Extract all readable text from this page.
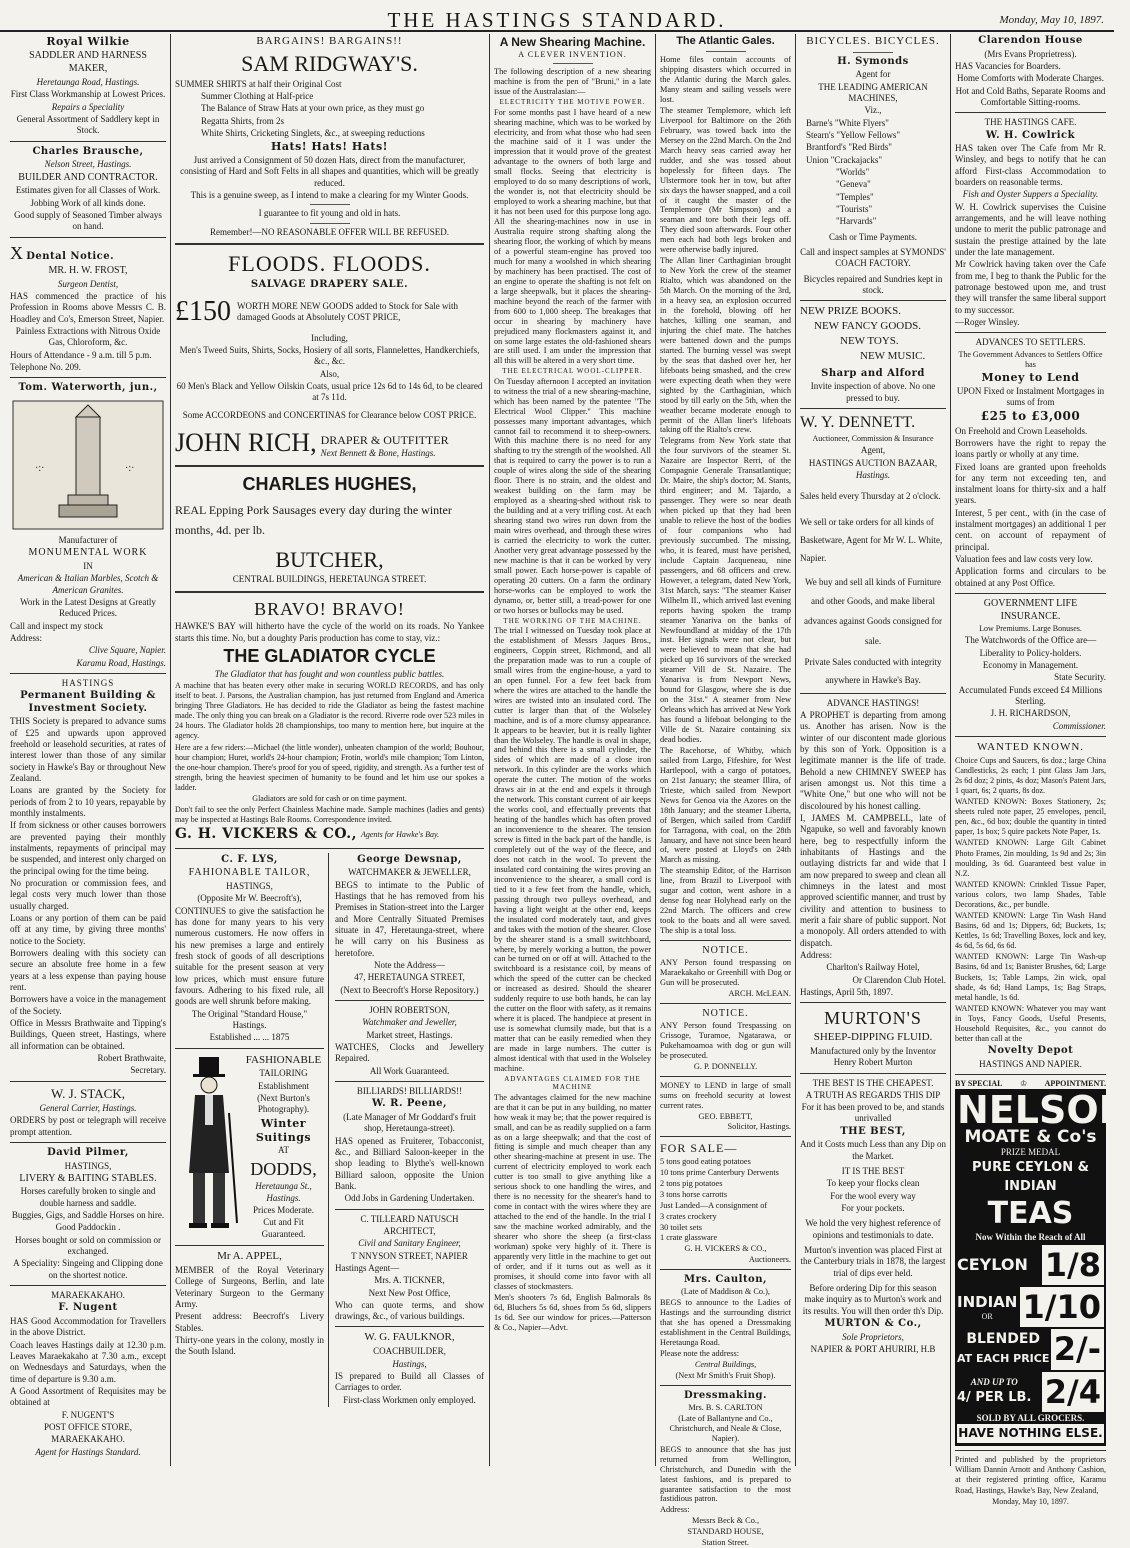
THE HASTINGS STANDARD.	Monday, May 10, 1897.

Royal Wilkie

SADDLER AND HARNESS

MAKER,

Heretaunga Road, Hastings.

First Class Workmanship at Lowest Prices.

Repairs a Speciality

General Assortment of Saddlery kept in Stock.

Charles Brausche,

Nelson Street, Hastings.

BUILDER AND CONTRACTOR.

Estimates given for all Classes of Work.

Jobbing Work of all kinds done.

Good supply of Seasoned Timber always on hand.

X Dental Notice.

MR. H. W. FROST,

Surgeon Dentist,

HAS commenced the practice of his Profession in Rooms above Messrs C. B. Hoadley and Co's, Emerson Street, Napier.

Painless Extractions with Nitrous Oxide Gas, Chloroform, &c.

Hours of Attendance - 9 a.m. till 5 p.m.

Telephone No. 209.

Tom. Waterworth, jun.,

·:·	·:·

Manufacturer of

MONUMENTAL WORK

IN

American & Italian Marbles, Scotch & American Granites.

Work in the Latest Designs at Greatly Reduced Prices.

Call and inspect my stock

Address:

Clive Square, Napier.

Karamu Road, Hastings.

HASTINGS

Permanent Building & Investment Society.

THIS Society is prepared to advance sums of £25 and upwards upon approved freehold or leasehold securities, at rates of interest lower than those of any similar society in Hawke's Bay or throughout New Zealand.

Loans are granted by the Society for periods of from 2 to 10 years, repayable by monthly instalments.

If from sickness or other causes borrowers are prevented paying their monthly instalments, repayments of principal may be suspended, and interest only charged on the principal owing for the time being.

No procuration or commission fees, and legal costs very much lower than those usually charged.

Loans or any portion of them can be paid off at any time, by giving three months' notice to the Society.

Borrowers dealing with this society can secure an absolute free home in a few years at a less expense than paying house rent.

Borrowers have a voice in the management of the Society.

Office in Messrs Brathwaite and Tipping's Buildings, Queen street, Hastings, where all information can be obtained.

Robert Brathwaite,

Secretary.

W. J. STACK,

General Carrier, Hastings.

ORDERS by post or telegraph will receive prompt attention.

David Pilmer,

HASTINGS,

LIVERY & BAITING STABLES.

Horses carefully broken to single and double harness and saddle.

Buggies, Gigs, and Saddle Horses on hire.

Good Paddockin .

Horses bought or sold on commission or exchanged.

A Speciality: Singeing and Clipping done on the shortest notice.

MARAEKAKAHO.

F. Nugent

HAS Good Accommodation for Travellers in the above District.

Coach leaves Hastings daily at 12.30 p.m. Leaves Maraekakaho at 7.30 a.m., except on Wednesdays and Saturdays, when the time of departure is 9.30 a.m.

A Good Assortment of Requisites may be obtained at

F. NUGENT'S

POST OFFICE STORE,

MARAEKAKAHO.

Agent for Hastings Standard.

BARGAINS! BARGAINS!!

SAM RIDGWAY'S.

SUMMER SHIRTS at half their Original Cost

Summer Clothing at Half-price

The Balance of Straw Hats at your own price, as they must go

Regatta Shirts, from 2s

White Shirts, Cricketing Singlets, &c., at sweeping reductions

Hats! Hats! Hats!

Just arrived a Consignment of 50 dozen Hats, direct from the manufacturer, consisting of Hard and Soft Felts in all shapes and quantities, which will be greatly reduced.

This is a genuine sweep, as I intend to make a clearing for my Winter Goods.

I guarantee to fit young and old in hats.

Remember!—NO REASONABLE OFFER WILL BE REFUSED.

FLOODS. FLOODS.

SALVAGE DRAPERY SALE.

£150 WORTH MORE NEW GOODS added to Stock for Sale with damaged Goods at Absolutely COST PRICE,

Including,

Men's Tweed Suits, Shirts, Socks, Hosiery of all sorts, Flannelettes, Handkerchiefs, &c., &c.

Also,

60 Men's Black and Yellow Oilskin Coats, usual price 12s 6d to 14s 6d, to be cleared at 7s 11d.

Some ACCORDEONS and CONCERTINAS for Clearance below COST PRICE.

JOHN RICH, DRAPER & OUTFITTER
Next Bennett & Bone, Hastings.

CHARLES HUGHES,

REAL Epping Pork Sausages every day during the winter months, 4d. per lb.

BUTCHER,

CENTRAL BUILDINGS, HERETAUNGA STREET.

BRAVO! BRAVO!

HAWKE'S BAY will hitherto have the cycle of the world on its roads. No Yankee starts this time. No, but a doughty Paris production has come to stay, viz.:

THE GLADIATOR CYCLE

The Gladiator that has fought and won countless public battles.

A machine that has beaten every other make in securing WORLD RECORDS, and has only itself to beat. J. Parsons, the Australian champion, has just returned from England and America bringing Three Gladiators. He has decided to ride the Gladiator as being the fastest machine made. The only thing you can break on a Gladiator is the record. Riverre rode over 523 miles in 24 hours. The Gladiator holds 28 championships, too many to mention here, but inquire at the agency.

Here are a few riders:—Michael (the little wonder), unbeaten champion of the world; Bouhour, hour champion; Huret, world's 24-hour champion; Frotin, world's mile champion; Tom Linton, the one-hour champion. There's proof for you of speed, rigidity, and strength. As a further test of strength, bring the heaviest specimen of humanity to be found and let him use our spokes a ladder.

Gladiators are sold for cash or on time payment.

Don't fail to see the only Perfect Chainless Machine made. Sample machines (ladies and gents) may be inspected at Hastings Bale Rooms. Correspondence invited.

G. H. VICKERS & CO., Agents for Hawke's Bay.

C. F. LYS,

FAHIONABLE TAILOR,

HASTINGS,

(Opposite Mr W. Beecroft's),

CONTINUES to give the satisfaction he has done for many years to his very numerous customers. He now offers in his new premises a large and entirely fresh stock of goods of all descriptions suitable for the present season at very low prices, which must ensure future favours. Adhering to his fixed rule, all goods are well shrunk before making.

The Original "Standard House," Hastings.

Established ... ... 1875

FASHIONABLE

TAILORING

Establishment

(Next Burton's Photography).

Winter Suitings

AT

DODDS,

Heretaunga St., Hastings.

Prices Moderate.

Cut and Fit Guaranteed.

Mr A. APPEL,

MEMBER of the Royal Veterinary College of Surgeons, Berlin, and late Veterinary Surgeon to the Germany Army.

Present address: Beecroft's Livery Stables.

Thirty-one years in the colony, mostly in the South Island.

George Dewsnap,

WATCHMAKER & JEWELLER,

BEGS to intimate to the Public of Hastings that he has removed from his Premises in Station-street into the Larger and More Centrally Situated Premises situate in 47, Heretaunga-street, where he will carry on his Business as heretofore.

Note the Address—

47, HERETAUNGA STREET,

(Next to Beecroft's Horse Repository.)

JOHN ROBERTSON,

Watchmaker and Jeweller,

Market street, Hastings.

WATCHES, Clocks and Jewellery Repaired.

All Work Guaranteed.

BILLIARDS! BILLIARDS!!

W. R. Peene,

(Late Manager of Mr Goddard's fruit shop, Heretaunga-street).

HAS opened as Fruiterer, Tobacconist, &c., and Billiard Saloon-keeper in the shop leading to Blythe's well-known Billiard saloon, opposite the Union Bank.

Odd Jobs in Gardening Undertaken.

C. TILLEARD NATUSCH

ARCHITECT,

Civil and Sanitary Engineer,

T NNYSON STREET, NAPIER

Hastings Agent—

Mrs. A. TICKNER,

Next New Post Office,

Who can quote terms, and show drawings, &c., of various buildings.

W. G. FAULKNOR,

COACHBUILDER,

Hastings,

IS prepared to Build all Classes of Carriages to order.

First-class Workmen only employed.

A New Shearing Machine.

A CLEVER INVENTION.

The following description of a new shearing machine is from the pen of "Bruni," in a late issue of the Australasian:—

ELECTRICITY THE MOTIVE POWER.

For some months past I have heard of a new shearing machine, which was to be worked by electricity, and from what those who had seen the machine said of it I was under the impression that it would prove of the greatest advantage to the owners of both large and small flocks. Seeing that electricity is employed to do so many descriptions of work, the wonder is, not that electricity should be employed to work a shearing machine, but that it has not been used for this purpose long ago. All the shearing-machines now in use in Australia require strong shafting along the shearing floor, the working of which by means of a powerful steam-engine has proved too much for many a woolshed in which shearing by machinery has been practised. The cost of an engine to operate the shafting is not felt on a large sheepwalk, but it places the shearing-machine beyond the reach of the farmer with from 600 to 1,000 sheep. The breakages that occur in shearing by machinery have prejudiced many flockmasters against it, and on some large estates the old-fashioned shears are still used. I am under the impression that all this will be altered in a very short time.

THE ELECTRICAL WOOL-CLIPPER.

On Tuesday afternoon I accepted an invitation to witness the trial of a new shearing-machine, which has been named by the patentee "The Electrical Wool Clipper." This machine possesses many important advantages, which cannot fail to recommend it to sheep-owners. With this machine there is no need for any shafting to try the strength of the woolshed. All that is required to carry the power is to run a couple of wires along the side of the shearing floor. There is no strain, and the oldest and weakest building on the farm may be employed as a shearing-shed without risk to the building and at a very trifling cost. At each shearing stand two wires run down from the main wires overhead, and through these wires is carried the electricity to work the cutter. Another very great advantage possessed by the new machine is that it can be worked by very small power. Each horse-power is capable of operating 20 cutters. On a farm the ordinary horse-works can be employed to work the dynamo, or, better still, a tread-power for one or two horses or bullocks may be used.

THE WORKING OF THE MACHINE.

The trial I witnessed on Tuesday took place at the establishment of Messrs Jaques Bros., engineers, Coppin street, Richmond, and all the preparation made was to run a couple of small wires from the engine-house, a yard to an open funnel. For a few feet back from where the wires are attached to the handle the wires are twisted into an insulated cord. The cutter is larger than that of the Wolseley machine, and is of a more clumsy appearance. It appears to be heavier, but it is really lighter than the Wolseley. The handle is oval in shape, and behind this there is a small cylinder, the sides of which are made of a close iron network. In this cylinder are the works which operate the cutter. The motion of the works draws air in at the end and expels it through the network. This constant current of air keeps the works cool, and effectually prevents that heating of the handles which has often proved an inconvenience to the shearer. The tension screw is fitted in the back part of the handle, is completely out of the way of the fleece, and does not catch in the wool. To prevent the insulated cord containing the wires proving an inconvenience to the shearer, a small cord is tied to it a few feet from the handle, which, passing through two pulleys overhead, and having a light weight at the other end, keeps the insulated cord moderately taut, and gives and takes with the motion of the shearer. Close by the shearer stand is a small switchboard, where, by merely working a button, the power can be turned on or off at will. Attached to the switchboard is a resistance coil, by means of which the speed of the cutter can be checked or increased as desired. Should the shearer suddenly require to use both hands, he can lay the cutter on the floor with safety, as it remains where it is placed. The handpiece at present in use is somewhat clumsily made, but that is a matter that can be easily remedied when they are made in large numbers. The cutter is almost identical with that used in the Wolseley machine.

ADVANTAGES CLAIMED FOR THE MACHINE

The advantages claimed for the new machine are that it can be put in any building, no matter how weak it may be; that the power required is small, and can be as readily supplied on a farm as on a large sheepwalk; and that the cost of fitting is simple and much cheaper than any other shearing-machine at present in use. The current of electricity employed to work each cutter is too small to give anything like a serious shock to one handling the wires, and there is no necessity for the shearer's hand to come in contact with the wires where they are attached to the end of the handle. In the trial I saw the machine worked admirably, and the shearer who shore the sheep (a first-class workman) spoke very highly of it. There is apparently very little in the machine to get out of order, and if it turns out as well as it promises, it should come into favor with all classes of stockmasters.

Men's shooters 7s 6d, English Balmorals 8s 6d, Bluchers 5s 6d, shoes from 5s 6d, slippers 1s 6d. See our window for prices.—Patterson & Co., Napier—Advt.

The Atlantic Gales.

Home files contain accounts of shipping disasters which occurred in the Atlantic during the March gales. Many steam and sailing vessels were lost.

The steamer Templemore, which left Liverpool for Baltimore on the 26th February, was towed back into the Mersey on the 22nd March. On the 2nd March heavy seas carried away her rudder, and she was tossed about hopelessly for fifteen days. The Ulstermore took her in tow, but after six days the hawser snapped, and a coil of it caught the master of the Templemore (Mr Simpson) and a seaman and tore both their legs off. They died soon afterwards. Four other men each had both legs broken and were otherwise badly injured.

The Allan liner Carthaginian brought to New York the crew of the steamer Rialto, which was abandoned on the 5th March. On the morning of the 3rd, in a heavy sea, an explosion occurred in the forehold, blowing off her hatches, killing one seaman, and injuring the chief mate. The hatches were battened down and the pumps started. The burning vessel was swept by the seas that dashed over her, her lifeboats being smashed, and the crew were expecting death when they were sighted by the Carthaginian, which stood by till early on the 5th, when the weather became moderate enough to permit of the Allan liner's lifeboats taking off the Rialto's crew.

Telegrams from New York state that the four survivors of the steamer St. Nazaire are Inspector Rerri, of the Compagnie Generale Transatlantique; Dr. Maire, the ship's doctor; M. Stants, third engineer; and M. Tajardo, a passenger. They were so near death when picked up that they had been unable to relieve the host of the bodies of four companions who had previously succumbed. The missing, who, it is feared, must have perished, include Captain Jacqueneau, nine passengers, and 68 officers and crew. However, a telegram, dated New York, 31st March, says: "The steamer Kaiser Wilhelm II., which arrived last evening reports having spoken the tramp steamer Yanariva on the banks of Newfoundland at midday of the 17th inst. Her signals were not clear, but were believed to mean that she had picked up 16 survivors of the wrecked steamer Vill de St. Nazaire. The Yanariva is from Newport News, bound for Glasgow, where she is due on the 31st." A steamer from New Orleans which has arrived at New York has found a lifeboat belonging to the Ville de St. Nazaire containing six dead bodies.

The Racehorse, of Whitby, which sailed from Largo, Fifeshire, for West Hartlepool, with a cargo of potatoes, on 21st January; the steamer Illira, of Trieste, which sailed from Newport News for Genoa via the Azores on the 18th January; and the steamer Liberta, of Bergen, which sailed from Cardiff for Tarragona, with coal, on the 28th January, and have not since been heard of, were posted at Lloyd's on 24th March as missing.

The steamship Editor, of the Harrison line, from Brazil to Liverpool with sugar and cotton, went ashore in a dense fog near Holyhead early on the 22nd March. The officers and crew took to the boats and all were saved. The ship is a total loss.

NOTICE.

ANY Person found trespassing on Maraekakaho or Greenhill with Dog or Gun will be prosecuted.

ARCH. McLEAN.

NOTICE.

ANY Person found Trespassing on Crissoge, Turamoe, Ngatarawa, or Pukehamoamoa with dog or gun will be prosecuted.

G. P. DONNELLY.

MONEY to LEND in large of small sums on freehold security at lowest current rates.

GEO. EBBETT,

Solicitor, Hastings.

FOR SALE—

5 tons good eating potatoes

10 tons prime Canterbury Derwents

2 tons pig potatoes

3 tons horse carrotts

Just Landed—A consignment of

3 crates crockery

30 toilet sets

1 crate glassware

G. H. VICKERS & CO.,

Auctioneers.

Mrs. Caulton,

(Late of Maddison & Co.),

BEGS to announce to the Ladies of Hastings and the surrounding district that she has opened a Dressmaking establishment in the Central Buildings, Heretaunga Road.

Please note the address:

Central Buildings,

(Next Mr Smith's Fruit Shop).

Dressmaking.

Mrs. B. S. CARLTON

(Late of Ballantyne and Co., Christchurch, and Neale & Close, Napier).

BEGS to announce that she has just returned from Wellington, Christchurch, and Dunedin with the latest fashions, and is prepared to guarantee satisfaction to the most fastidious patron.

Address:

Messrs Beck & Co.,

STANDARD HOUSE,

Station Street.

BICYCLES. BICYCLES.

H. Symonds

Agent for

THE LEADING AMERICAN MACHINES,

Viz.,

Barne's "White Flyers"

Stearn's "Yellow Fellows"

Brantford's "Red Birds"

Union "Crackajacks"

"Worlds"

"Geneva"

"Temples"

"Tourists"

"Harvards"

Cash or Time Payments.

Call and inspect samples at SYMONDS' COACH FACTORY.

Bicycles repaired and Sundries kept in stock.

NEW PRIZE BOOKS.

NEW FANCY GOODS.

NEW TOYS.

NEW MUSIC.

Sharp and Alford

Invite inspection of above. No one pressed to buy.

W. Y. DENNETT.

Auctioneer, Commission & Insurance

Agent,

HASTINGS AUCTION BAZAAR,

Hastings.

Sales held every Thursday at 2 o'clock.

We sell or take orders for all kinds of Basketware, Agent for Mr W. L. White, Napier.

We buy and sell all kinds of Furniture and other Goods, and make liberal advances against Goods consigned for sale.

Private Sales conducted with integrity anywhere in Hawke's Bay.

ADVANCE HASTINGS!

A PROPHET is departing from among us. Another has arisen. Now is the winter of our discontent made glorious by this son of York. Opposition is a legitimate manner is the life of trade. Behold a new CHIMNEY SWEEP has arisen amongst us. Not this time a "White One," but one who will not be discoloured by his honest calling.

I, JAMES M. CAMPBELL, late of Ngapuke, so well and favorably known here, beg to respectfully inform the inhabitants of Hastings and the outlaying districts far and wide that I am now prepared to sweep and clean all chimneys in the latest and most approved scientific manner, and trust by civility and attention to business to merit a fair share of public support. Not a monopoly. All orders attended to with dispatch.

Address:

Charlton's Railway Hotel,

Or Clarendon Club Hotel.

Hastings, April 5th, 1897.

MURTON'S

SHEEP-DIPPING FLUID.

Manufactured only by the Inventor Henry Robert Murton

THE BEST IS THE CHEAPEST.

A TRUTH AS REGARDS THIS DIP

For it has been proved to be, and stands unrivalled

THE BEST,

And it Costs much Less than any Dip on the Market.

IT IS THE BEST

To keep your flocks clean

For the wool every way

For your pockets.

We hold the very highest reference of opinions and testimonials to date.

Murton's invention was placed First at the Canterbury trials in 1878, the largest trial of dips ever held.

Before ordering Dip for this season make inquiry as to Murton's work and its results. You will then order th's Dip.

MURTON & Co.,

Sole Proprietors,

NAPIER & PORT AHURIRI, H.B

Clarendon House

(Mrs Evans Proprietress).

HAS Vacancies for Boarders.

Home Comforts with Moderate Charges.

Hot and Cold Baths, Separate Rooms and Comfortable Sitting-rooms.

THE HASTINGS CAFE.

W. H. Cowlrick

HAS taken over The Cafe from Mr R. Winsley, and begs to notify that he can afford First-class Accommodation to boarders on reasonable terms.

Fish and Oyster Suppers a Speciality.

W. H. Cowlrick supervises the Cuisine arrangements, and he will leave nothing undone to merit the public patronage and sustain the prestige attained by the late under the late management.

Mr Cowlrick having taken over the Cafe from me, I beg to thank the Public for the patronage bestowed upon me, and trust they will transfer the same liberal support to my successor.

—Roger Winsley.

ADVANCES TO SETTLERS.

The Government Advances to Settlers Office has

Money to Lend

UPON Fixed or Instalment Mortgages in sums of from

£25 to £3,000

On Freehold and Crown Leaseholds.

Borrowers have the right to repay the loans partly or wholly at any time.

Fixed loans are granted upon freeholds for any term not exceeding ten, and instalment loans for thirty-six and a half years.

Interest, 5 per cent., with (in the case of instalment mortgages) an additional 1 per cent. on account of repayment of principal.

Valuation fees and law costs very low.

Application forms and circulars to be obtained at any Post Office.

GOVERNMENT LIFE INSURANCE.

Low Premiums. Large Bonuses.

The Watchwords of the Office are—

Liberality to Policy-holders.

Economy in Management.

State Security.

Accumulated Funds exceed £4 Millions Sterling.

J. H. RICHARDSON,

Commissioner.

WANTED KNOWN.

Choice Cups and Saucers, 6s doz.; large China Candlesticks, 2s each; 1 pint Glass Jam Jars, 2s 6d doz; 2 pints, 4s doz; Mason's Patent Jars, 1 quart, 6s; 2 quarts, 8s doz.

WANTED KNOWN: Boxes Stationery, 2s; sheets ruled note paper, 25 envelopes, pencil, pen, &c., 6d box; double the quantity in tinted paper, 1s box; 5 quire packets Note Paper, 1s.

WANTED KNOWN: Large Gilt Cabinet Photo Frames, 2in moulding, 1s 9d and 2s; 3in moulding, 3s 6d. Guaranteed best value in N.Z.

WANTED KNOWN: Crinkled Tissue Paper, various colors, two lamp Shades, Table Decorations, &c., per bundle.

WANTED KNOWN: Large Tin Wash Hand Basins, 6d and 1s; Dippers, 6d; Buckets, 1s; Kettles, 1s 6d; Travelling Boxes, lock and key, 4s 6d, 5s 6d, 6s 6d.

WANTED KNOWN: Large Tin Wash-up Basins, 6d and 1s; Banister Brushes, 6d; Large Buckets, 1s; Table Lamps, 2in wick, opal shade, 4s 6d; Hand Lamps, 1s; Bag Straps, metal handle, 1s 6d.

WANTED KNOWN: Whatever you may want in Toys, Fancy Goods, Useful Presents, Household Requisites, &c., you cannot do better than call at the

Novelty Depot

HASTINGS AND NAPIER.

BY SPECIAL ♔ APPOINTMENT.
NELSON
MOATE & Co's
PRIZE MEDAL
PURE CEYLON & INDIAN
TEAS
Now Within the Reach of All
CEYLON 1/8
INDIAN
OR 1/10
BLENDED
AT EACH PRICE 2/-
AND UP TO
4/ PER LB. 2/4
SOLD BY ALL GROCERS.
HAVE NOTHING ELSE.

Printed and published by the proprietors William Dannin Arnott and Anthony Cashion, at their registered printing office, Karamu Road, Hastings, Hawke's Bay, New Zealand,

Monday, May 10, 1897.
